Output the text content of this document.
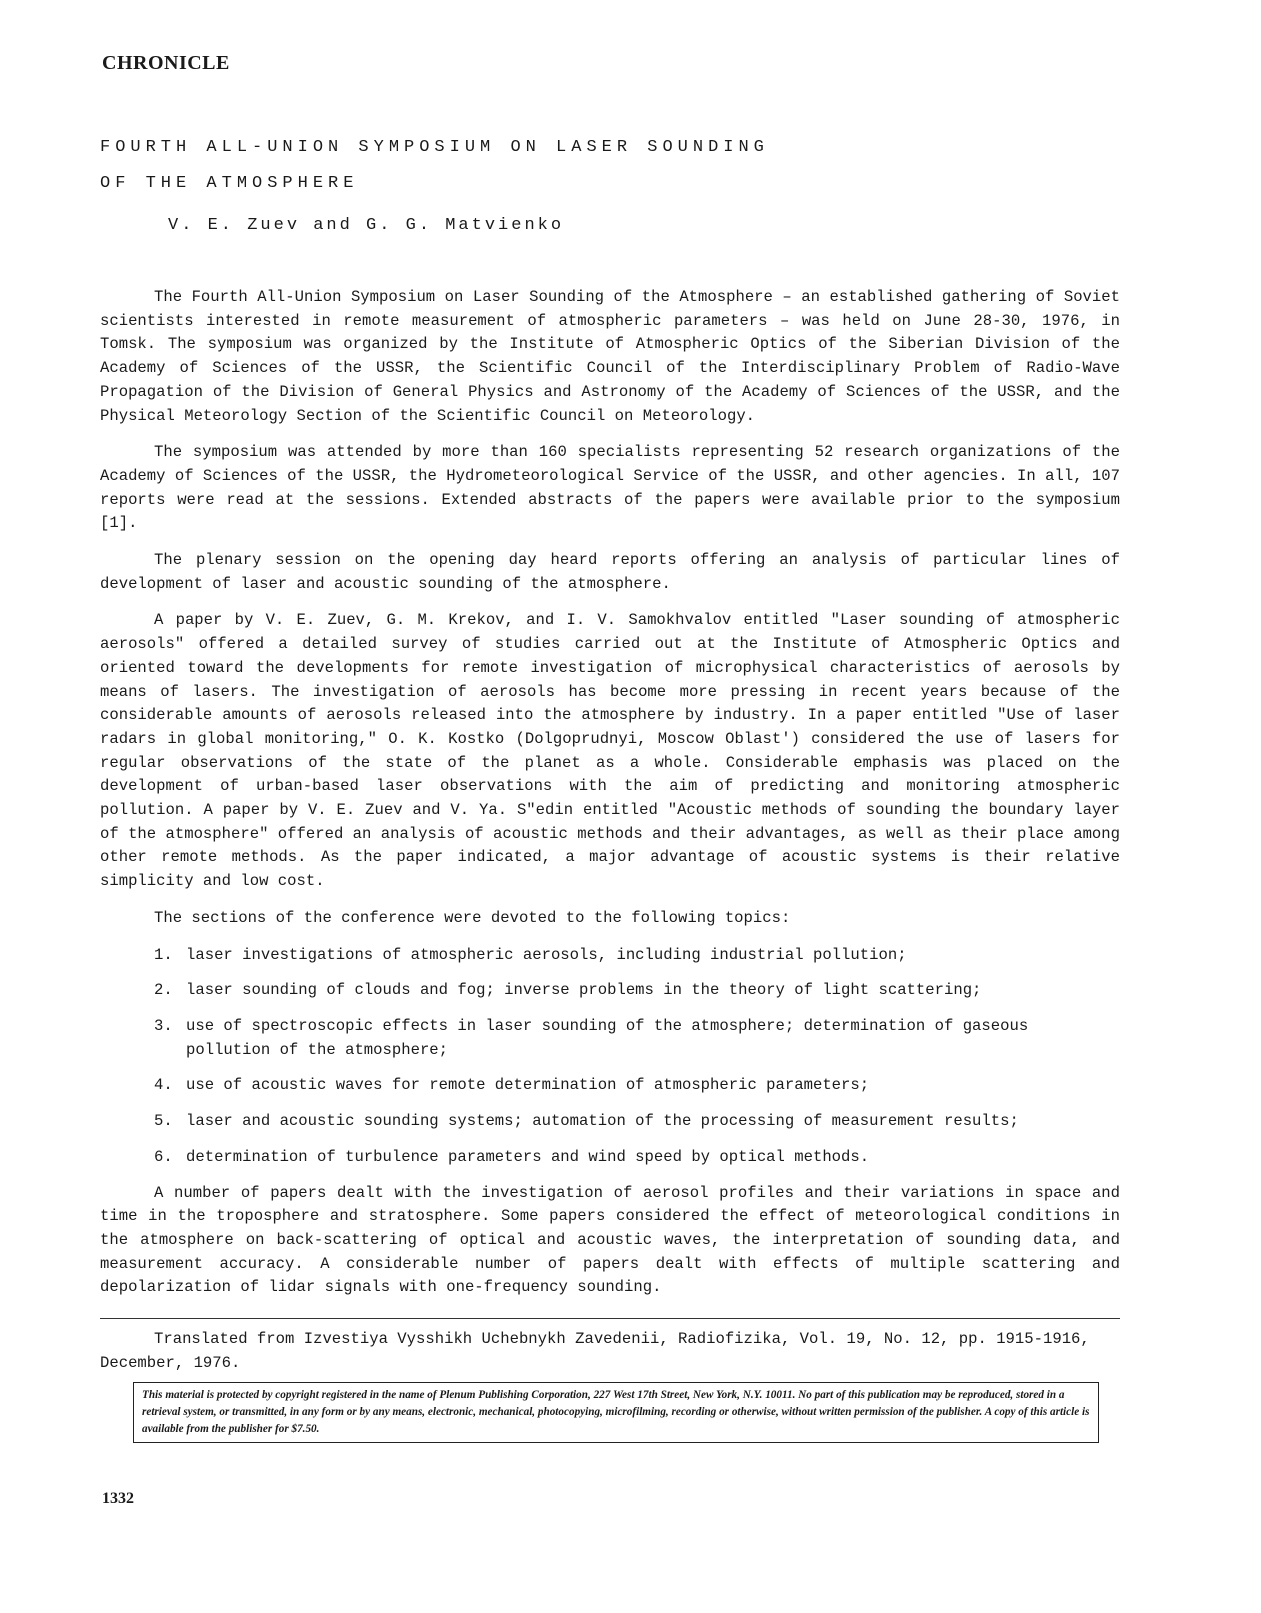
CHRONICLE
FOURTH ALL-UNION SYMPOSIUM ON LASER SOUNDING
OF THE ATMOSPHERE
V. E. Zuev and G. G. Matvienko

The Fourth All-Union Symposium on Laser Sounding of the Atmosphere – an established gathering of Soviet scientists interested in remote measurement of atmospheric parameters – was held on June 28-30, 1976, in Tomsk. The symposium was organized by the Institute of Atmospheric Optics of the Siberian Division of the Academy of Sciences of the USSR, the Scientific Council of the Interdisciplinary Problem of Radio-Wave Propagation of the Division of General Physics and Astronomy of the Academy of Sciences of the USSR, and the Physical Meteorology Section of the Scientific Council on Meteorology.

The symposium was attended by more than 160 specialists representing 52 research organizations of the Academy of Sciences of the USSR, the Hydrometeorological Service of the USSR, and other agencies. In all, 107 reports were read at the sessions. Extended abstracts of the papers were available prior to the symposium [1].

The plenary session on the opening day heard reports offering an analysis of particular lines of development of laser and acoustic sounding of the atmosphere.

A paper by V. E. Zuev, G. M. Krekov, and I. V. Samokhvalov entitled "Laser sounding of atmospheric aerosols" offered a detailed survey of studies carried out at the Institute of Atmospheric Optics and oriented toward the developments for remote investigation of microphysical characteristics of aerosols by means of lasers. The investigation of aerosols has become more pressing in recent years because of the considerable amounts of aerosols released into the atmosphere by industry. In a paper entitled "Use of laser radars in global monitoring," O. K. Kostko (Dolgoprudnyi, Moscow Oblast') considered the use of lasers for regular observations of the state of the planet as a whole. Considerable emphasis was placed on the development of urban-based laser observations with the aim of predicting and monitoring atmospheric pollution. A paper by V. E. Zuev and V. Ya. S"edin entitled "Acoustic methods of sounding the boundary layer of the atmosphere" offered an analysis of acoustic methods and their advantages, as well as their place among other remote methods. As the paper indicated, a major advantage of acoustic systems is their relative simplicity and low cost.

The sections of the conference were devoted to the following topics:

1. laser investigations of atmospheric aerosols, including industrial pollution;
2. laser sounding of clouds and fog; inverse problems in the theory of light scattering;
3. use of spectroscopic effects in laser sounding of the atmosphere; determination of gaseous pollution of the atmosphere;
4. use of acoustic waves for remote determination of atmospheric parameters;
5. laser and acoustic sounding systems; automation of the processing of measurement results;
6. determination of turbulence parameters and wind speed by optical methods.

A number of papers dealt with the investigation of aerosol profiles and their variations in space and time in the troposphere and stratosphere. Some papers considered the effect of meteorological conditions in the atmosphere on back-scattering of optical and acoustic waves, the interpretation of sounding data, and measurement accuracy. A considerable number of papers dealt with effects of multiple scattering and depolarization of lidar signals with one-frequency sounding.

Translated from Izvestiya Vysshikh Uchebnykh Zavedenii, Radiofizika, Vol. 19, No. 12, pp. 1915-1916, December, 1976.
This material is protected by copyright registered in the name of Plenum Publishing Corporation, 227 West 17th Street, New York, N.Y. 10011. No part of this publication may be reproduced, stored in a retrieval system, or transmitted, in any form or by any means, electronic, mechanical, photocopying, microfilming, recording or otherwise, without written permission of the publisher. A copy of this article is available from the publisher for $7.50.
1332
